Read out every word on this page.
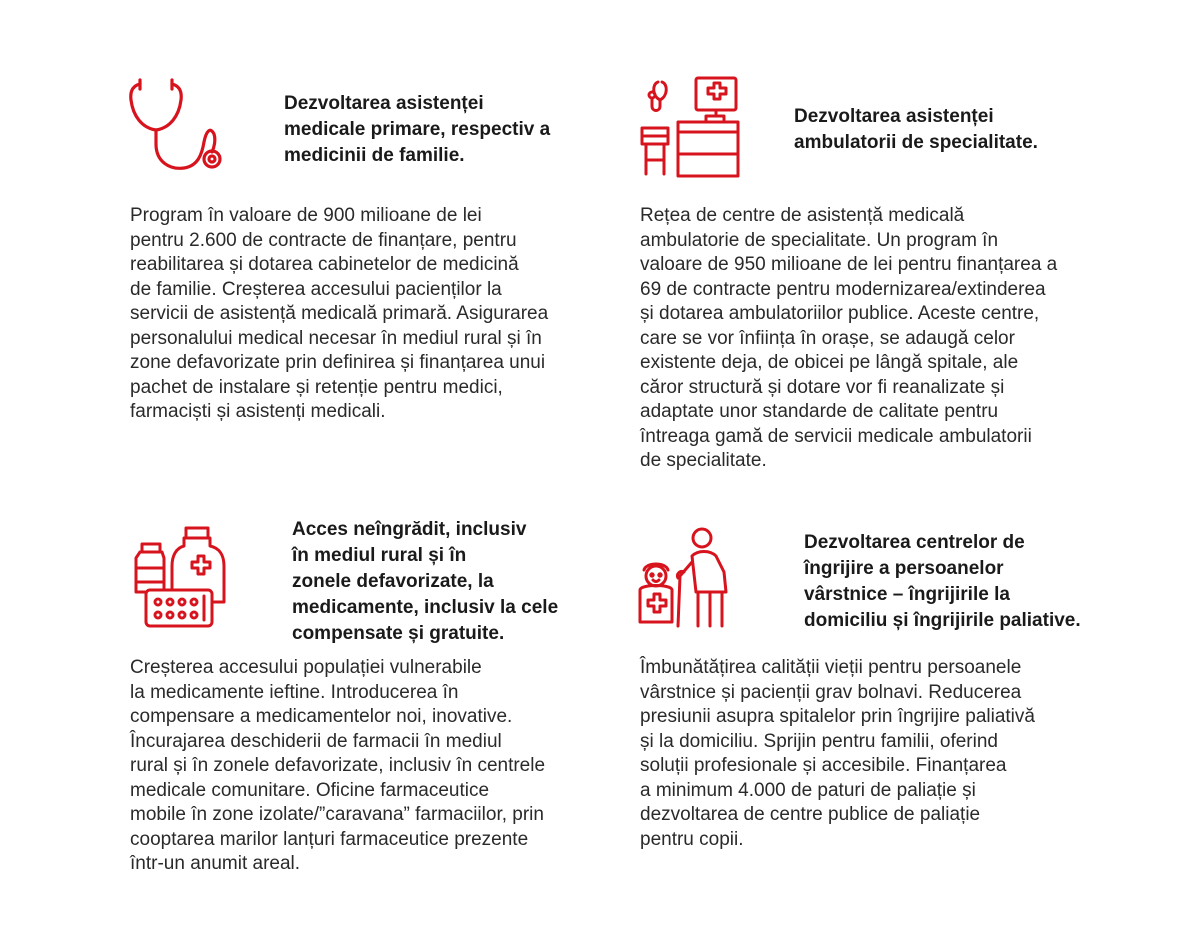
Dezvoltarea asistenței
medicale primare, respectiv a
medicinii de familie.
Program în valoare de 900 milioane de lei
pentru 2.600 de contracte de finanțare, pentru
reabilitarea și dotarea cabinetelor de medicină
de familie. Creșterea accesului pacienților la
servicii de asistență medicală primară. Asigurarea
personalului medical necesar în mediul rural și în
zone defavorizate prin definirea și finanțarea unui
pachet de instalare și retenție pentru medici,
farmaciști și asistenți medicali.
Dezvoltarea asistenței
ambulatorii de specialitate.
Rețea de centre de asistență medicală
ambulatorie de specialitate. Un program în
valoare de 950 milioane de lei pentru finanțarea a
69 de contracte pentru modernizarea/extinderea
și dotarea ambulatoriilor publice. Aceste centre,
care se vor înființa în orașe, se adaugă celor
existente deja, de obicei pe lângă spitale, ale
căror structură și dotare vor fi reanalizate și
adaptate unor standarde de calitate pentru
întreaga gamă de servicii medicale ambulatorii
de specialitate.
Acces neîngrădit, inclusiv
în mediul rural și în
zonele defavorizate, la
medicamente, inclusiv la cele
compensate și gratuite.
Creșterea accesului populației vulnerabile
la medicamente ieftine. Introducerea în
compensare a medicamentelor noi, inovative.
Încurajarea deschiderii de farmacii în mediul
rural și în zonele defavorizate, inclusiv în centrele
medicale comunitare. Oficine farmaceutice
mobile în zone izolate/”caravana” farmaciilor, prin
cooptarea marilor lanțuri farmaceutice prezente
într-un anumit areal.
Dezvoltarea centrelor de
îngrijire a persoanelor
vârstnice – îngrijirile la
domiciliu și îngrijirile paliative.
Îmbunătățirea calității vieții pentru persoanele
vârstnice și pacienții grav bolnavi. Reducerea
presiunii asupra spitalelor prin îngrijire paliativă
și la domiciliu. Sprijin pentru familii, oferind
soluții profesionale și accesibile. Finanțarea
a minimum 4.000 de paturi de paliație și
dezvoltarea de centre publice de paliație
pentru copii.
